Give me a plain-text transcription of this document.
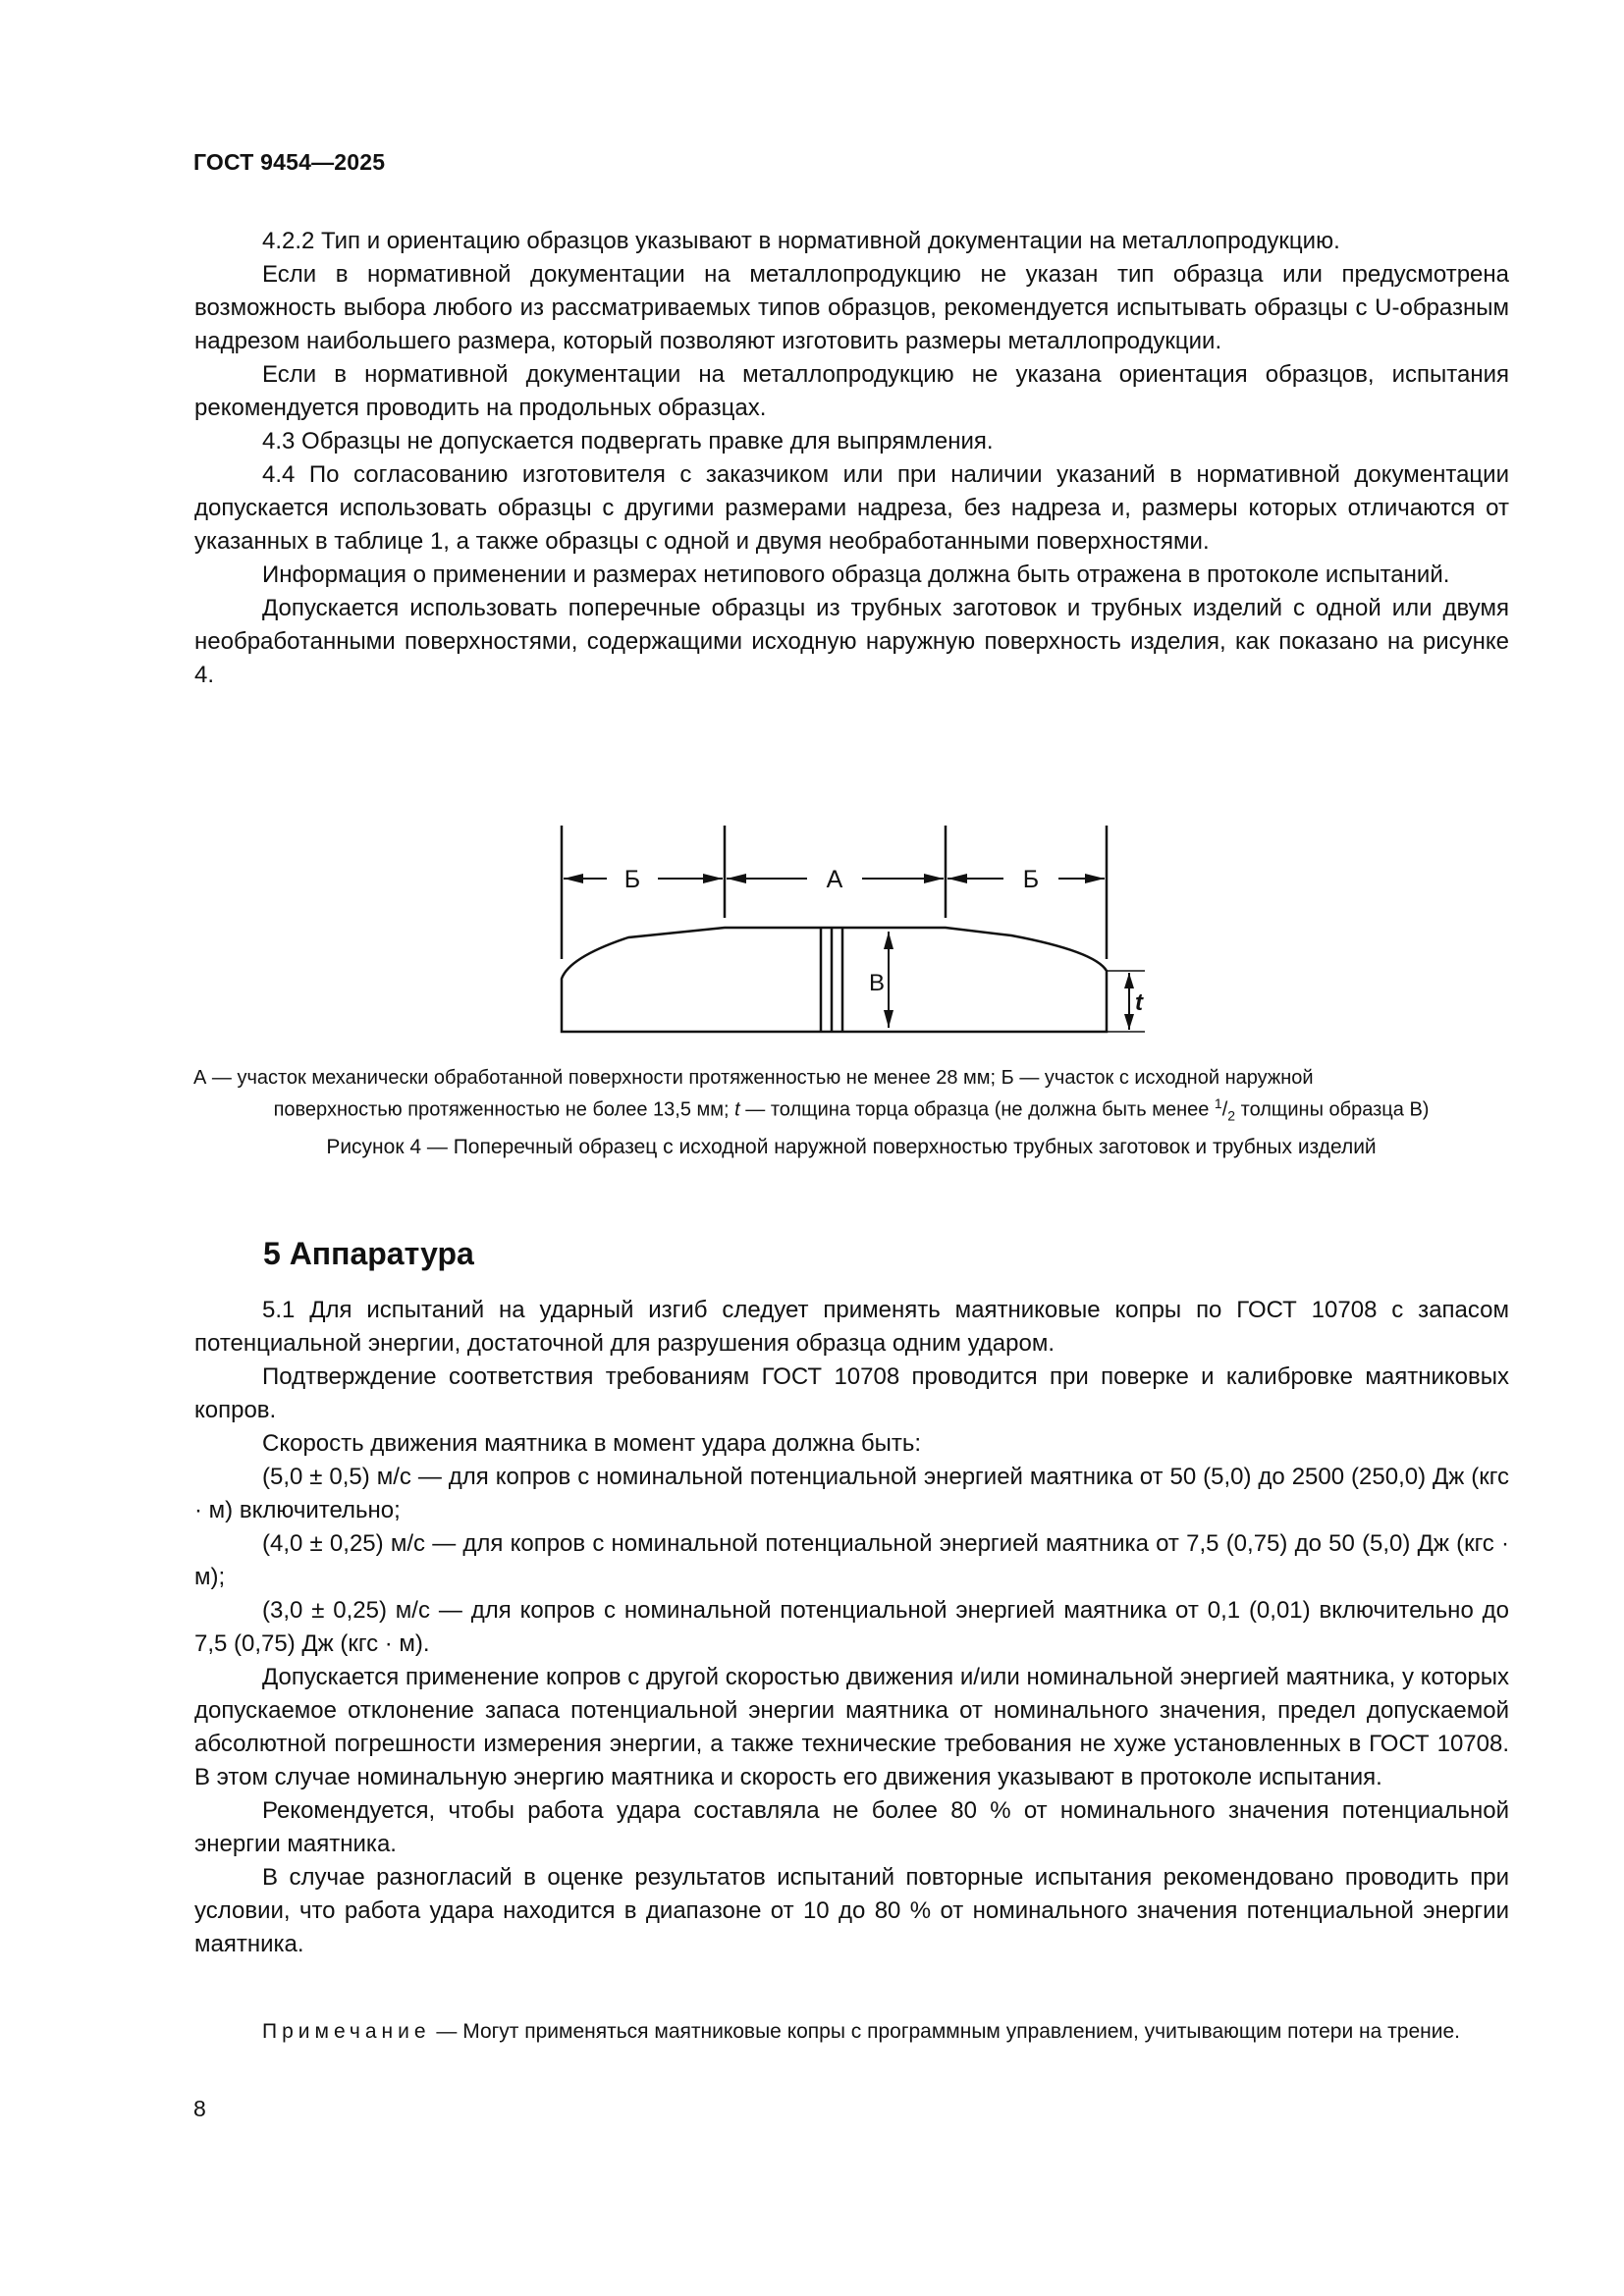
ГОСТ 9454—2025

4.2.2 Тип и ориентацию образцов указывают в нормативной документации на металлопродукцию.

Если в нормативной документации на металлопродукцию не указан тип образца или предусмотрена возможность выбора любого из рассматриваемых типов образцов, рекомендуется испытывать образцы с U-образным надрезом наибольшего размера, который позволяют изготовить размеры металлопродукции.

Если в нормативной документации на металлопродукцию не указана ориентация образцов, испытания рекомендуется проводить на продольных образцах.

4.3 Образцы не допускается подвергать правке для выпрямления.

4.4 По согласованию изготовителя с заказчиком или при наличии указаний в нормативной документации допускается использовать образцы с другими размерами надреза, без надреза и, размеры которых отличаются от указанных в таблице 1, а также образцы с одной и двумя необработанными поверхностями.

Информация о применении и размерах нетипового образца должна быть отражена в протоколе испытаний.

Допускается использовать поперечные образцы из трубных заготовок и трубных изделий с одной или двумя необработанными поверхностями, содержащими исходную наружную поверхность изделия, как показано на рисунке 4.

Б	А	Б
В
t
А — участок механически обработанной поверхности протяженностью не менее 28 мм; Б — участок с исходной наружной
поверхностью протяженностью не более 13,5 мм; t — толщина торца образца (не должна быть менее $^1/_2$ толщины образца В)
Рисунок 4 — Поперечный образец с исходной наружной поверхностью трубных заготовок и трубных изделий
5 Аппаратура

5.1 Для испытаний на ударный изгиб следует применять маятниковые копры по ГОСТ 10708 с запасом потенциальной энергии, достаточной для разрушения образца одним ударом.

Подтверждение соответствия требованиям ГОСТ 10708 проводится при поверке и калибровке маятниковых копров.

Скорость движения маятника в момент удара должна быть:

(5,0 ± 0,5) м/с — для копров с номинальной потенциальной энергией маятника от 50 (5,0) до 2500 (250,0) Дж (кгс · м) включительно;

(4,0 ± 0,25) м/с — для копров с номинальной потенциальной энергией маятника от 7,5 (0,75) до 50 (5,0) Дж (кгс · м);

(3,0 ± 0,25) м/с — для копров с номинальной потенциальной энергией маятника от 0,1 (0,01) включительно до 7,5 (0,75) Дж (кгс · м).

Допускается применение копров с другой скоростью движения и/или номинальной энергией маятника, у которых допускаемое отклонение запаса потенциальной энергии маятника от номинального значения, предел допускаемой абсолютной погрешности измерения энергии, а также технические требования не хуже установленных в ГОСТ 10708. В этом случае номинальную энергию маятника и скорость его движения указывают в протоколе испытания.

Рекомендуется, чтобы работа удара составляла не более 80 % от номинального значения потенциальной энергии маятника.

В случае разногласий в оценке результатов испытаний повторные испытания рекомендовано проводить при условии, что работа удара находится в диапазоне от 10 до 80 % от номинального значения потенциальной энергии маятника.

Примечание — Могут применяться маятниковые копры с программным управлением, учитывающим потери на трение.
8
